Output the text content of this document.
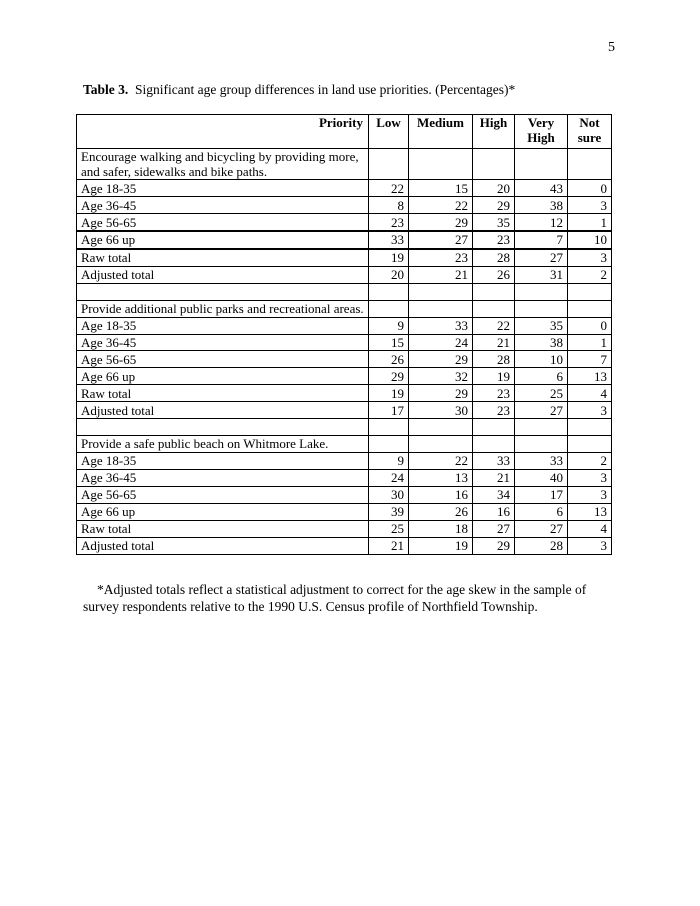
5
Table 3. Significant age group differences in land use priorities. (Percentages)*
Priority	Low	Medium	High	Very High	Not sure
Encourage walking and bicycling by providing more, and safer, sidewalks and bike paths.					
Age 18-35	22	15	20	43	0
Age 36-45	8	22	29	38	3
Age 56-65	23	29	35	12	1
Age 66 up	33	27	23	7	10
Raw total	19	23	28	27	3
Adjusted total	20	21	26	31	2

Provide additional public parks and recreational areas.					
Age 18-35	9	33	22	35	0
Age 36-45	15	24	21	38	1
Age 56-65	26	29	28	10	7
Age 66 up	29	32	19	6	13
Raw total	19	29	23	25	4
Adjusted total	17	30	23	27	3

Provide a safe public beach on Whitmore Lake.					
Age 18-35	9	22	33	33	2
Age 36-45	24	13	21	40	3
Age 56-65	30	16	34	17	3
Age 66 up	39	26	16	6	13
Raw total	25	18	27	27	4
Adjusted total	21	19	29	28	3
*Adjusted totals reflect a statistical adjustment to correct for the age skew in the sample of survey respondents relative to the 1990 U.S. Census profile of Northfield Township.
